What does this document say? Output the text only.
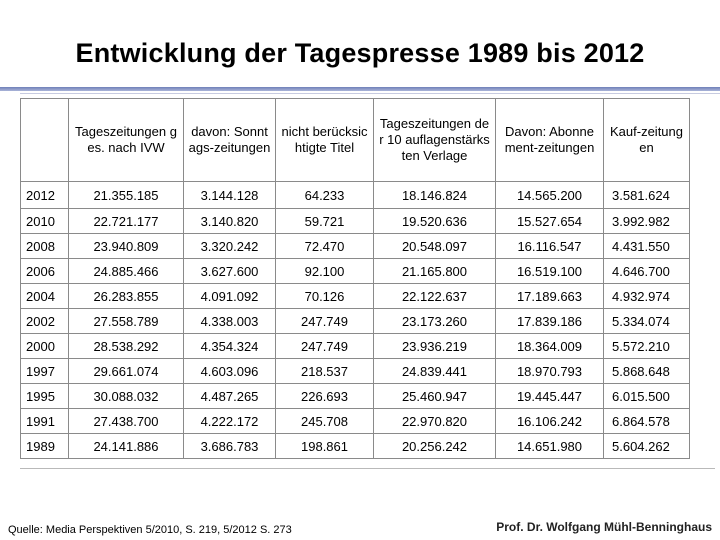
Entwicklung der Tagespresse 1989 bis 2012

	Tageszeitungen ges. nach IVW	davon: Sonntags-zeitungen	nicht berücksichtigte Titel	Tageszeitungen der 10 auflagenstärksten Verlage	Davon: Abonnement-zeitungen	Kauf-zeitungen

2012	21.355.185	3.144.128	64.233	18.146.824	14.565.200	3.581.624
2010	22.721.177	3.140.820	59.721	19.520.636	15.527.654	3.992.982
2008	23.940.809	3.320.242	72.470	20.548.097	16.116.547	4.431.550
2006	24.885.466	3.627.600	92.100	21.165.800	16.519.100	4.646.700
2004	26.283.855	4.091.092	70.126	22.122.637	17.189.663	4.932.974
2002	27.558.789	4.338.003	247.749	23.173.260	17.839.186	5.334.074
2000	28.538.292	4.354.324	247.749	23.936.219	18.364.009	5.572.210
1997	29.661.074	4.603.096	218.537	24.839.441	18.970.793	5.868.648
1995	30.088.032	4.487.265	226.693	25.460.947	19.445.447	6.015.500
1991	27.438.700	4.222.172	245.708	22.970.820	16.106.242	6.864.578
1989	24.141.886	3.686.783	198.861	20.256.242	14.651.980	5.604.262
Quelle: Media Perspektiven 5/2010, S. 219, 5/2012 S. 273	Prof. Dr. Wolfgang Mühl-Benninghaus
